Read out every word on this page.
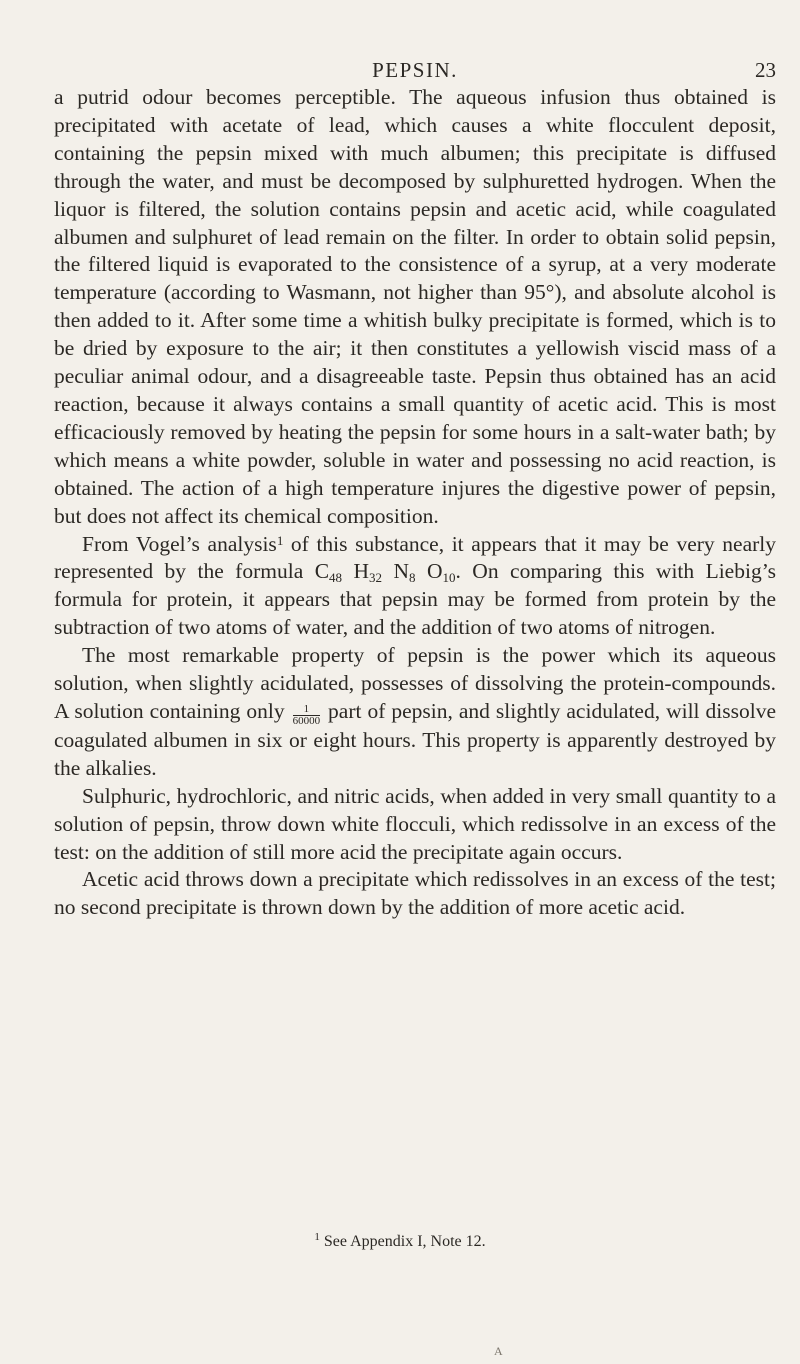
PEPSIN.	23

a putrid odour becomes perceptible. The aqueous infusion thus obtained is precipitated with acetate of lead, which causes a white flocculent deposit, containing the pepsin mixed with much albumen; this precipitate is diffused through the water, and must be decomposed by sulphuretted hydrogen. When the liquor is filtered, the solution contains pepsin and acetic acid, while coagulated albumen and sulphuret of lead remain on the filter. In order to obtain solid pepsin, the filtered liquid is evaporated to the consistence of a syrup, at a very moderate temperature (according to Wasmann, not higher than 95°), and absolute alcohol is then added to it. After some time a whitish bulky precipitate is formed, which is to be dried by exposure to the air; it then constitutes a yellowish viscid mass of a peculiar animal odour, and a disagreeable taste. Pepsin thus obtained has an acid reaction, because it always contains a small quantity of acetic acid. This is most efficaciously removed by heating the pepsin for some hours in a salt-water bath; by which means a white powder, soluble in water and possessing no acid reaction, is obtained. The action of a high temperature injures the digestive power of pepsin, but does not affect its chemical composition.

From Vogel’s analysis$^1$ of this substance, it appears that it may be very nearly represented by the formula $C_{48}$ $H_{32}$ $N_8$ $O_{10}$. On comparing this with Liebig’s formula for protein, it appears that pepsin may be formed from protein by the subtraction of two atoms of water, and the addition of two atoms of nitrogen.

The most remarkable property of pepsin is the power which its aqueous solution, when slightly acidulated, possesses of dissolving the protein-compounds. A solution containing only $\frac{1}{60000}$ part of pepsin, and slightly acidulated, will dissolve coagulated albumen in six or eight hours. This property is apparently destroyed by the alkalies.

Sulphuric, hydrochloric, and nitric acids, when added in very small quantity to a solution of pepsin, throw down white flocculi, which redissolve in an excess of the test: on the addition of still more acid the precipitate again occurs.

Acetic acid throws down a precipitate which redissolves in an excess of the test; no second precipitate is thrown down by the addition of more acetic acid.

$^1$ See Appendix I, Note 12.
A
